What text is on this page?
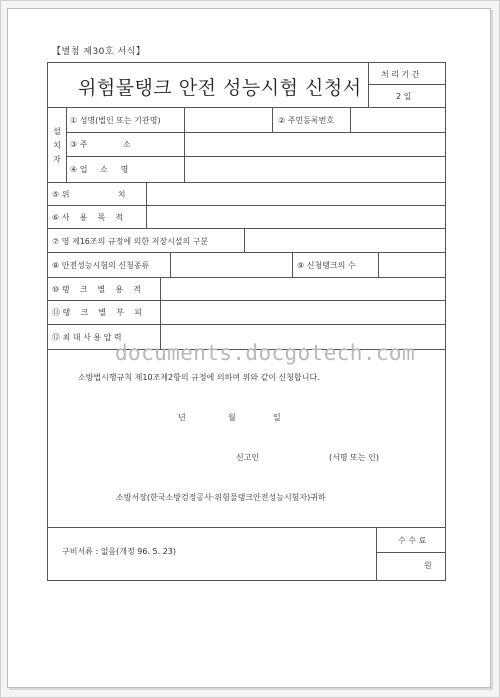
【별첨 제30호 서식】
위험물탱크 안전 성능시험 신청서
처 리 기 간
2 일
설
치
자
① 성명(법인 또는 기관명)	② 주민등록번호
③ 주              소
④ 업     소     명
⑤ 위                   치
⑥ 사    용    목    적
⑦ 영 제16조의 규정에 의한 저장시설의 구분
⑧ 안전성능시험의 신청종류	⑨ 신청탱크의 수
⑩ 탱    크    별    용    적
⑪ 탱    크    별    부    피
⑫ 최 대 사 용 압 력
documents.docgotech.com
소방법시행규칙 제10조제2항의 규정에 의하여 위와 같이 신청합니다.
년	월	일
신고인	(서명 또는 인)
소방서장(한국소방검정공사·위험물탱크안전성능시험자)귀하
구비서류 : 없음(개정 96. 5. 23)
수 수 료
원
